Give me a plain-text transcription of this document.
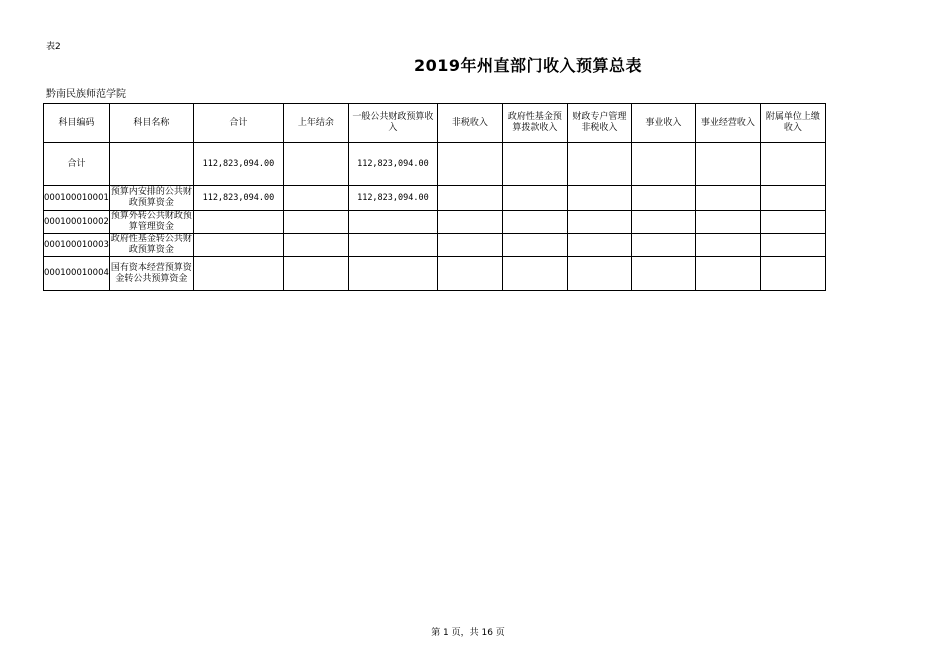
表2
2019年州直部门收入预算总表
黔南民族师范学院
科目编码	科目名称	合计	上年结余	一般公共财政预算收入	非税收入	政府性基金预算拨款收入	财政专户管理非税收入	事业收入	事业经营收入	附属单位上缴收入
合计		112,823,094.00		112,823,094.00						
000100010001	预算内安排的公共财政预算资金	112,823,094.00		112,823,094.00						
000100010002	预算外转公共财政预算管理资金									
000100010003	政府性基金转公共财政预算资金									
000100010004	国有资本经营预算资金转公共预算资金									
第 1 页，共 16 页
